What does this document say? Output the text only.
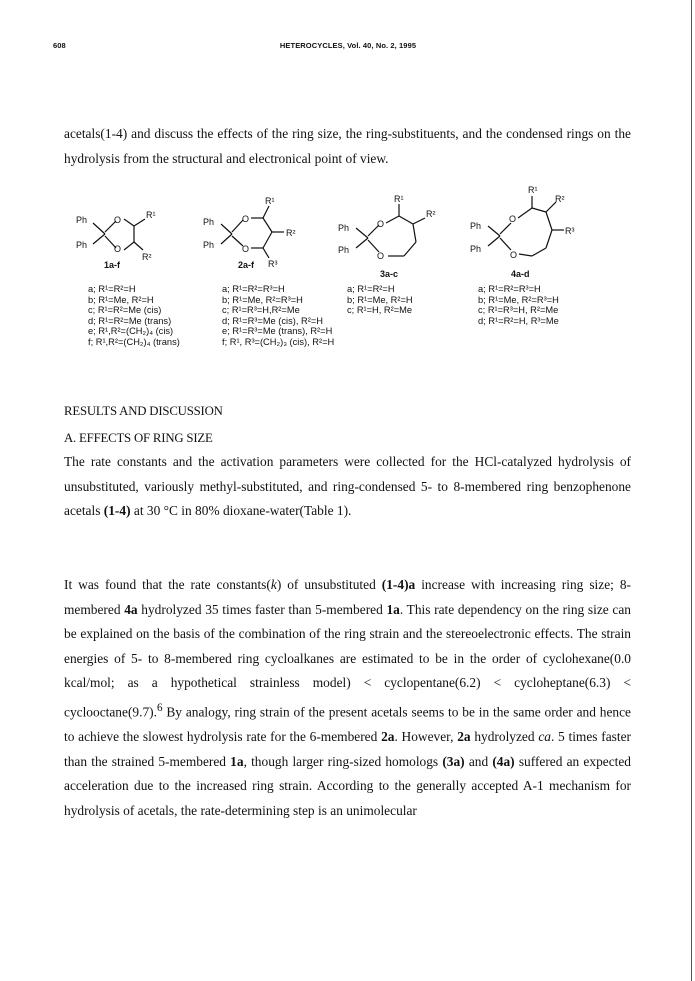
608	HETEROCYCLES, Vol. 40, No. 2, 1995

acetals(1-4) and discuss the effects of the ring size, the ring-substituents, and the condensed rings on the hydrolysis from the structural and electronical point of view.

O
O
Ph
Ph
R¹
R²
O
O
Ph
Ph
R¹
R²
R³
O
O
Ph
Ph
R¹
R²	O
O
Ph
Ph
R¹
R²
R³
1a-f	2a-f
3a-c	4a-d
a; R¹=R²=H
b; R¹=Me, R²=H
c; R¹=R²=Me (cis)
d; R¹=R²=Me (trans)
e; R¹,R²=(CH₂)₄ (cis)
f; R¹,R²=(CH₂)₄ (trans)
a; R¹=R²=R³=H
b; R¹=Me, R²=R³=H
c; R¹=R³=H,R²=Me
d; R¹=R³=Me (cis), R²=H
e; R¹=R³=Me (trans), R²=H
f; R¹, R³=(CH₂)₃ (cis), R²=H
a; R¹=R²=H
b; R¹=Me, R²=H
c; R¹=H, R²=Me
a; R¹=R²=R³=H
b; R¹=Me, R²=R³=H
c; R¹=R³=H, R²=Me
d; R¹=R²=H, R³=Me
RESULTS AND DISCUSSION
A. EFFECTS OF RING SIZE

The rate constants and the activation parameters were collected for the HCl-catalyzed hydrolysis of unsubstituted, variously methyl-substituted, and ring-condensed 5- to 8-membered ring benzophenone acetals (1-4) at 30 °C in 80% dioxane-water(Table 1).

It was found that the rate constants(k) of unsubstituted (1-4)a increase with increasing ring size; 8-membered 4a hydrolyzed 35 times faster than 5-membered 1a. This rate dependency on the ring size can be explained on the basis of the combination of the ring strain and the stereoelectronic effects. The strain energies of 5- to 8-membered ring cycloalkanes are estimated to be in the order of cyclohexane(0.0 kcal/mol; as a hypothetical strainless model) < cyclopentane(6.2) < cycloheptane(6.3) < cyclooctane(9.7).$^6$ By analogy, ring strain of the present acetals seems to be in the same order and hence to achieve the slowest hydrolysis rate for the 6-membered 2a. However, 2a hydrolyzed ca. 5 times faster than the strained 5-membered 1a, though larger ring-sized homologs (3a) and (4a) suffered an expected acceleration due to the increased ring strain. According to the generally accepted A-1 mechanism for hydrolysis of acetals, the rate-determining step is an unimolecular
